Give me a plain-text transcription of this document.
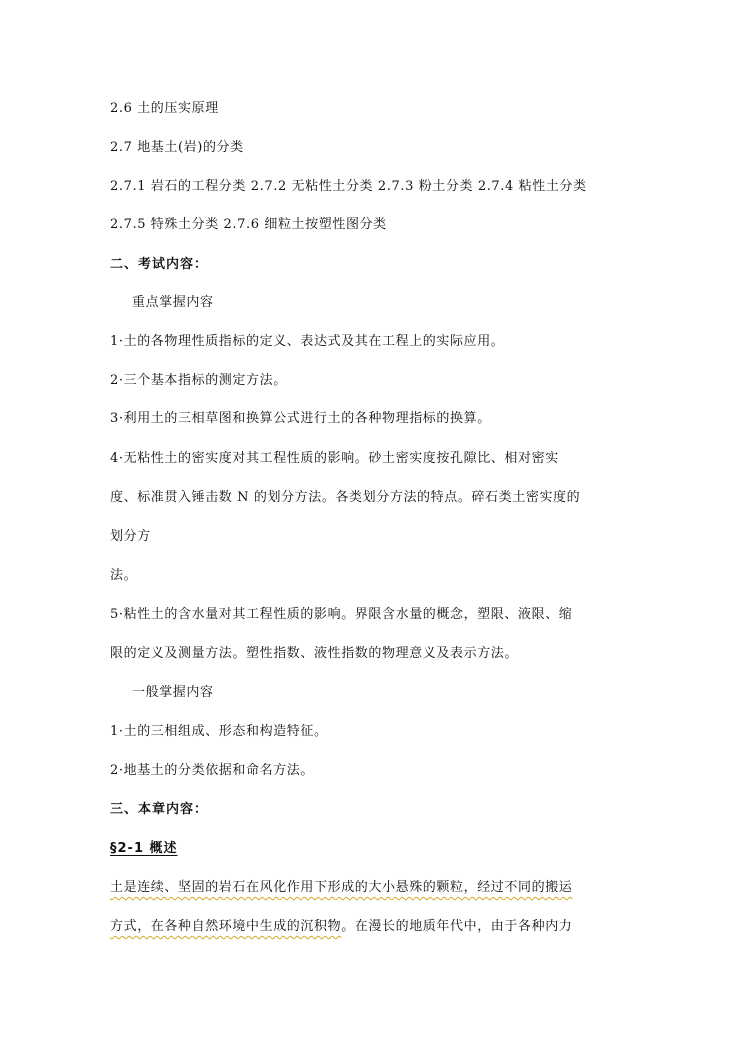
2.6 土的压实原理
2.7 地基土(岩)的分类
2.7.1 岩石的工程分类 2.7.2 无粘性土分类 2.7.3 粉土分类 2.7.4 粘性土分类
2.7.5 特殊土分类 2.7.6 细粒土按塑性图分类
二、考试内容：
重点掌握内容
1·土的各物理性质指标的定义、表达式及其在工程上的实际应用。
2·三个基本指标的测定方法。
3·利用土的三相草图和换算公式进行土的各种物理指标的换算。
4·无粘性土的密实度对其工程性质的影响。砂土密实度按孔隙比、相对密实
度、标准贯入锤击数 N 的划分方法。各类划分方法的特点。碎石类土密实度的
划分方
法。
5·粘性土的含水量对其工程性质的影响。界限含水量的概念，塑限、液限、缩
限的定义及测量方法。塑性指数、液性指数的物理意义及表示方法。
一般掌握内容
1·土的三相组成、形态和构造特征。
2·地基土的分类依据和命名方法。
三、本章内容：
§2-1 概述
土是连续、坚固的岩石在风化作用下形成的大小悬殊的颗粒，经过不同的搬运
方式，在各种自然环境中生成的沉积物。在漫长的地质年代中，由于各种内力
